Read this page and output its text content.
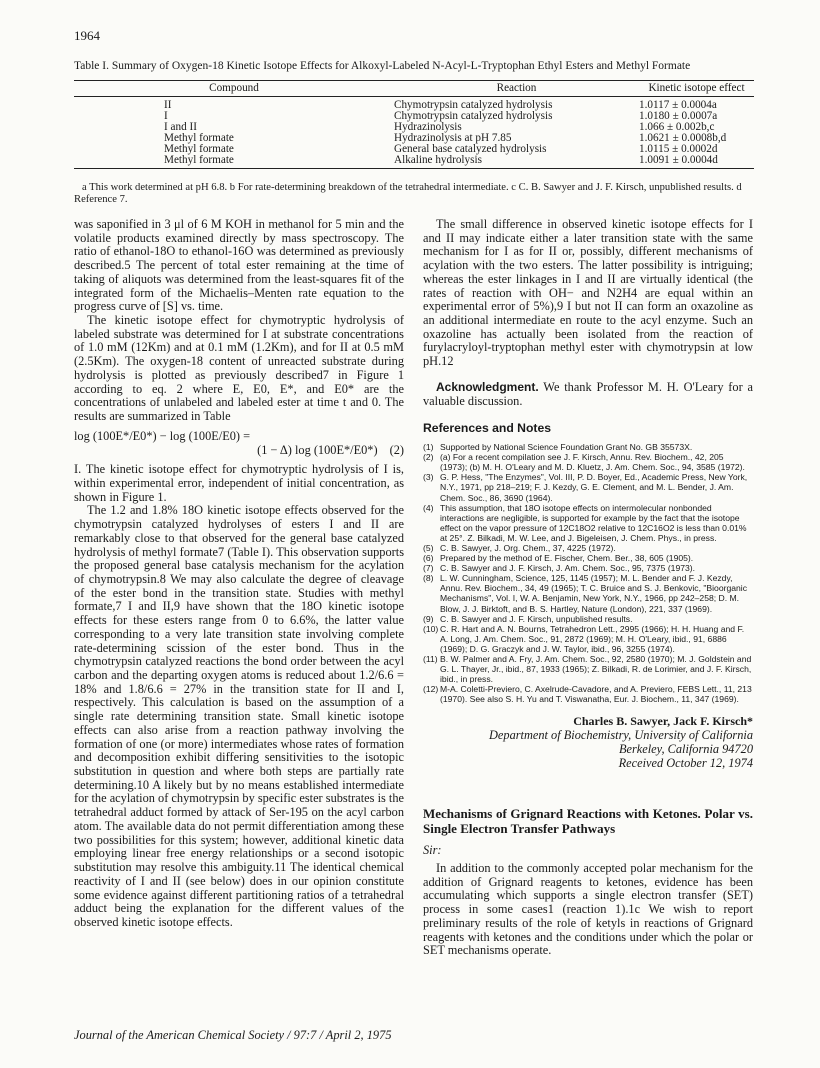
1964
Table I. Summary of Oxygen-18 Kinetic Isotope Effects for Alkoxyl-Labeled N-Acyl-L-Tryptophan Ethyl Esters and Methyl Formate
Compound	Reaction	Kinetic isotope effect
II	Chymotrypsin catalyzed hydrolysis	1.0117 ± 0.0004a
I	Chymotrypsin catalyzed hydrolysis	1.0180 ± 0.0007a
I and II	Hydrazinolysis	1.066 ± 0.002b,c
Methyl formate	Hydrazinolysis at pH 7.85	1.0621 ± 0.0008b,d
Methyl formate	General base catalyzed hydrolysis	1.0115 ± 0.0002d
Methyl formate	Alkaline hydrolysis	1.0091 ± 0.0004d
a This work determined at pH 6.8. b For rate-determining breakdown of the tetrahedral intermediate. c C. B. Sawyer and J. F. Kirsch, unpublished results. d Reference 7.

was saponified in 3 μl of 6 M KOH in methanol for 5 min and the volatile products examined directly by mass spectroscopy. The ratio of ethanol-18O to ethanol-16O was determined as previously described.5 The percent of total ester remaining at the time of taking of aliquots was determined from the least-squares fit of the integrated form of the Michaelis–Menten rate equation to the progress curve of [S] vs. time.

The kinetic isotope effect for chymotryptic hydrolysis of labeled substrate was determined for I at substrate concentrations of 1.0 mM (12Km) and at 0.1 mM (1.2Km), and for II at 0.5 mM (2.5Km). The oxygen-18 content of unreacted substrate during hydrolysis is plotted as previously described7 in Figure 1 according to eq. 2 where E, E0, E*, and E0* are the concentrations of unlabeled and labeled ester at time t and 0. The results are summarized in Table

log (100E*/E0*) − log (100E/E0) =
(1 − Δ) log (100E*/E0*) (2)

I. The kinetic isotope effect for chymotryptic hydrolysis of I is, within experimental error, independent of initial concentration, as shown in Figure 1.

The 1.2 and 1.8% 18O kinetic isotope effects observed for the chymotrypsin catalyzed hydrolyses of esters I and II are remarkably close to that observed for the general base catalyzed hydrolysis of methyl formate7 (Table I). This observation supports the proposed general base catalysis mechanism for the acylation of chymotrypsin.8 We may also calculate the degree of cleavage of the ester bond in the transition state. Studies with methyl formate,7 I and II,9 have shown that the 18O kinetic isotope effects for these esters range from 0 to 6.6%, the latter value corresponding to a very late transition state involving complete rate-determining scission of the ester bond. Thus in the chymotrypsin catalyzed reactions the bond order between the acyl carbon and the departing oxygen atoms is reduced about 1.2/6.6 = 18% and 1.8/6.6 = 27% in the transition state for II and I, respectively. This calculation is based on the assumption of a single rate determining transition state. Small kinetic isotope effects can also arise from a reaction pathway involving the formation of one (or more) intermediates whose rates of formation and decomposition exhibit differing sensitivities to the isotopic substitution in question and where both steps are partially rate determining.10 A likely but by no means established intermediate for the acylation of chymotrypsin by specific ester substrates is the tetrahedral adduct formed by attack of Ser-195 on the acyl carbon atom. The available data do not permit differentiation among these two possibilities for this system; however, additional kinetic data employing linear free energy relationships or a second isotopic substitution may resolve this ambiguity.11 The identical chemical reactivity of I and II (see below) does in our opinion constitute some evidence against different partitioning ratios of a tetrahedral adduct being the explanation for the different values of the observed kinetic isotope effects.

The small difference in observed kinetic isotope effects for I and II may indicate either a later transition state with the same mechanism for I as for II or, possibly, different mechanisms of acylation with the two esters. The latter possibility is intriguing; whereas the ester linkages in I and II are virtually identical (the rates of reaction with OH− and N2H4 are equal within an experimental error of 5%),9 I but not II can form an oxazoline as an additional intermediate en route to the acyl enzyme. Such an oxazoline has actually been isolated from the reaction of furylacryloyl-tryptophan methyl ester with chymotrypsin at low pH.12

Acknowledgment. We thank Professor M. H. O'Leary for a valuable discussion.

References and Notes
(1) Supported by National Science Foundation Grant No. GB 35573X.
(2) (a) For a recent compilation see J. F. Kirsch, Annu. Rev. Biochem., 42, 205 (1973); (b) M. H. O'Leary and M. D. Kluetz, J. Am. Chem. Soc., 94, 3585 (1972).
(3) G. P. Hess, "The Enzymes", Vol. III, P. D. Boyer, Ed., Academic Press, New York, N.Y., 1971, pp 218–219; F. J. Kezdy, G. E. Clement, and M. L. Bender, J. Am. Chem. Soc., 86, 3690 (1964).
(4) This assumption, that 18O isotope effects on intermolecular nonbonded interactions are negligible, is supported for example by the fact that the isotope effect on the vapor pressure of 12C18O2 relative to 12C16O2 is less than 0.01% at 25°. Z. Bilkadi, M. W. Lee, and J. Bigeleisen, J. Chem. Phys., in press.
(5) C. B. Sawyer, J. Org. Chem., 37, 4225 (1972).
(6) Prepared by the method of E. Fischer, Chem. Ber., 38, 605 (1905).
(7) C. B. Sawyer and J. F. Kirsch, J. Am. Chem. Soc., 95, 7375 (1973).
(8) L. W. Cunningham, Science, 125, 1145 (1957); M. L. Bender and F. J. Kezdy, Annu. Rev. Biochem., 34, 49 (1965); T. C. Bruice and S. J. Benkovic, "Bioorganic Mechanisms", Vol. I, W. A. Benjamin, New York, N.Y., 1966, pp 242–258; D. M. Blow, J. J. Birktoft, and B. S. Hartley, Nature (London), 221, 337 (1969).
(9) C. B. Sawyer and J. F. Kirsch, unpublished results.
(10) C. R. Hart and A. N. Bourns, Tetrahedron Lett., 2995 (1966); H. H. Huang and F. A. Long, J. Am. Chem. Soc., 91, 2872 (1969); M. H. O'Leary, ibid., 91, 6886 (1969); D. G. Graczyk and J. W. Taylor, ibid., 96, 3255 (1974).
(11) B. W. Palmer and A. Fry, J. Am. Chem. Soc., 92, 2580 (1970); M. J. Goldstein and G. L. Thayer, Jr., ibid., 87, 1933 (1965); Z. Bilkadi, R. de Lorimier, and J. F. Kirsch, ibid., in press.
(12) M-A. Coletti-Previero, C. Axelrude-Cavadore, and A. Previero, FEBS Lett., 11, 213 (1970). See also S. H. Yu and T. Viswanatha, Eur. J. Biochem., 11, 347 (1969).
Charles B. Sawyer, Jack F. Kirsch*
Department of Biochemistry, University of California
Berkeley, California 94720
Received October 12, 1974
Mechanisms of Grignard Reactions with Ketones. Polar vs. Single Electron Transfer Pathways
Sir:

In addition to the commonly accepted polar mechanism for the addition of Grignard reagents to ketones, evidence has been accumulating which supports a single electron transfer (SET) process in some cases1 (reaction 1).1c We wish to report preliminary results of the role of ketyls in reactions of Grignard reagents with ketones and the conditions under which the polar or SET mechanisms operate.

Journal of the American Chemical Society / 97:7 / April 2, 1975
